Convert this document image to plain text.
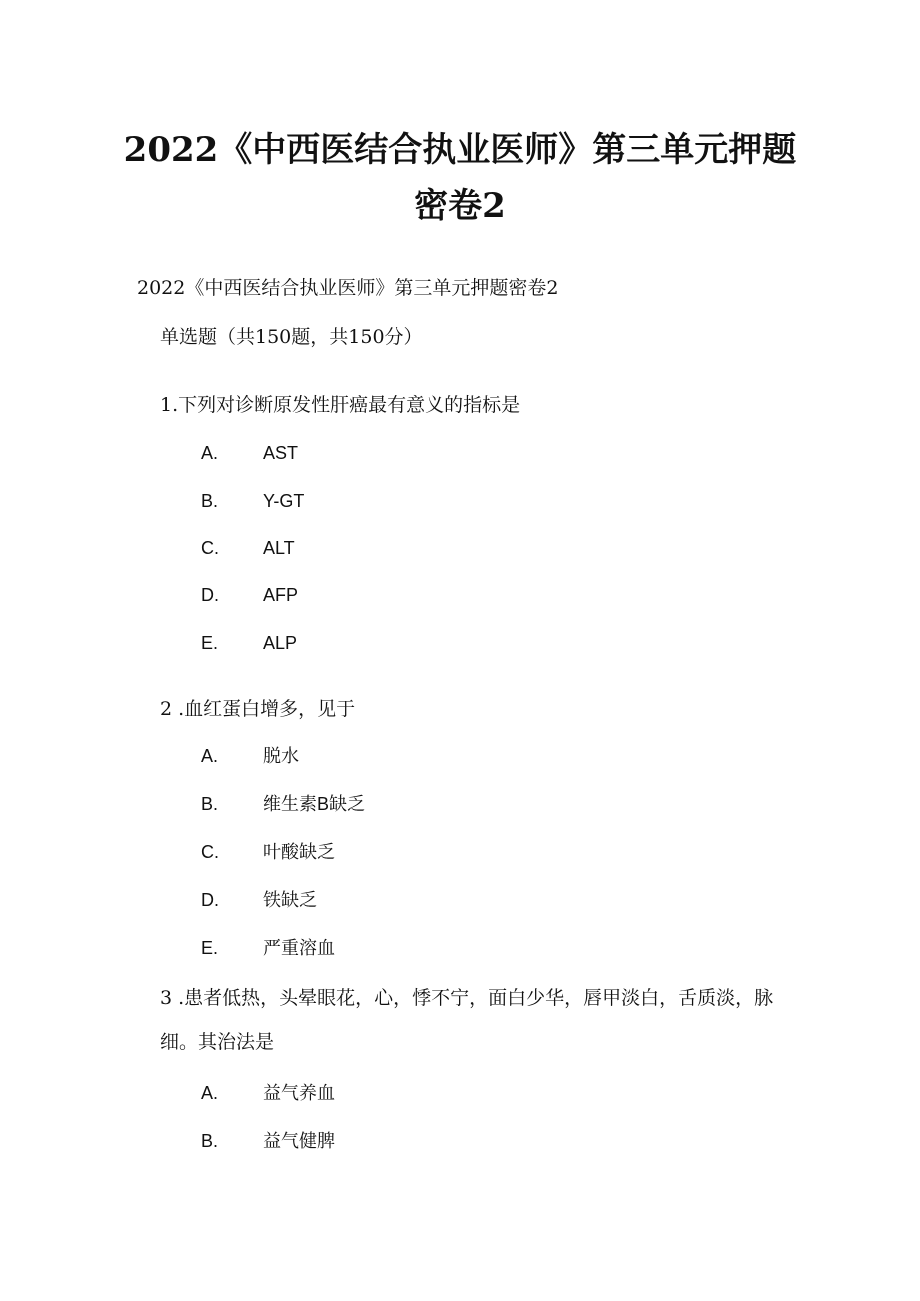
2022《中西医结合执业医师》第三单元押题
密卷2
2022《中西医结合执业医师》第三单元押题密卷2
单选题（共150题，共150分）
1.下列对诊断原发性肝癌最有意义的指标是
A. AST
B. Y-GT
C. ALT
D. AFP
E. ALP
2 .血红蛋白增多，见于
A. 脱水
B. 维生素B缺乏
C. 叶酸缺乏
D. 铁缺乏
E. 严重溶血
3 .患者低热，头晕眼花，心，悸不宁，面白少华，唇甲淡白，舌质淡，脉细。其治法是
A. 益气养血
B. 益气健脾
